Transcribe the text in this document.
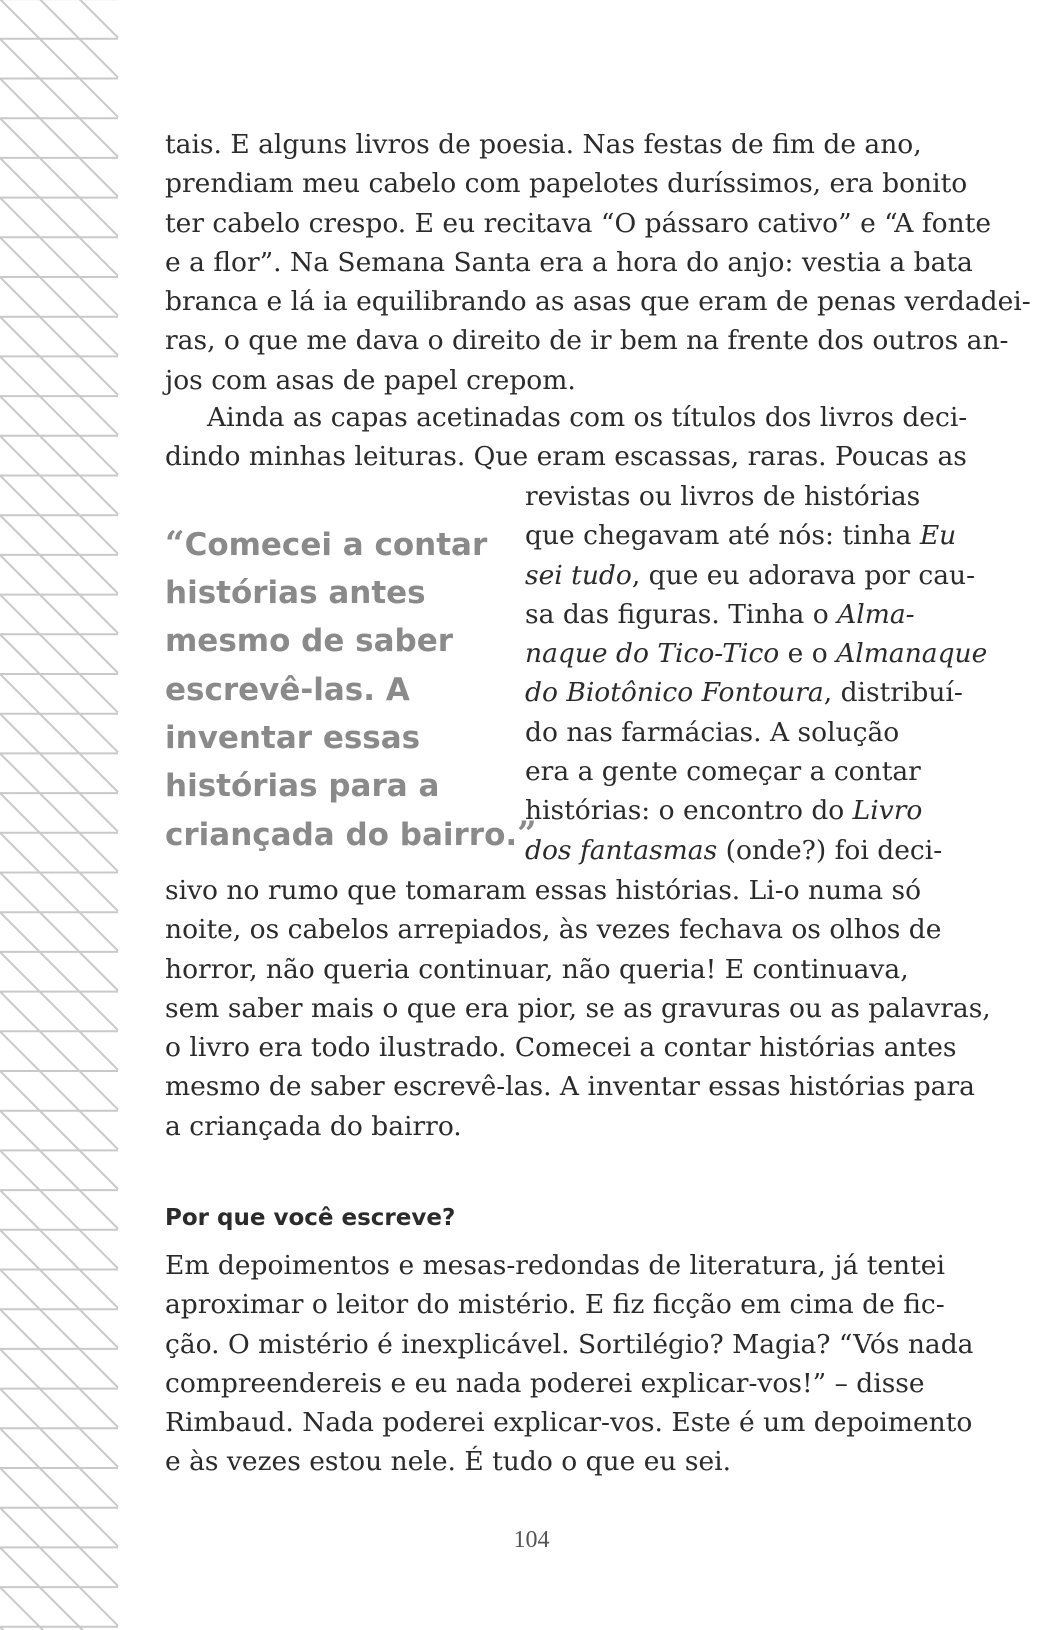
tais. E alguns livros de poesia. Nas festas de fim de ano,
prendiam meu cabelo com papelotes duríssimos, era bonito
ter cabelo crespo. E eu recitava “O pássaro cativo” e “A fonte
e a flor”. Na Semana Santa era a hora do anjo: vestia a bata
branca e lá ia equilibrando as asas que eram de penas verdadei-
ras, o que me dava o direito de ir bem na frente dos outros an-
jos com asas de papel crepom.
Ainda as capas acetinadas com os títulos dos livros deci-
dindo minhas leituras. Que eram escassas, raras. Poucas as
revistas ou livros de histórias
que chegavam até nós: tinha Eu
sei tudo, que eu adorava por cau-
sa das figuras. Tinha o Alma-
naque do Tico-Tico e o Almanaque
do Biotônico Fontoura, distribuí-
do nas farmácias. A solução
era a gente começar a contar
histórias: o encontro do Livro
dos fantasmas (onde?) foi deci-
“Comecei a contar
histórias antes
mesmo de saber
escrevê-las. A
inventar essas
histórias para a
criançada do bairro.”
sivo no rumo que tomaram essas histórias. Li-o numa só
noite, os cabelos arrepiados, às vezes fechava os olhos de
horror, não queria continuar, não queria! E continuava,
sem saber mais o que era pior, se as gravuras ou as palavras,
o livro era todo ilustrado. Comecei a contar histórias antes
mesmo de saber escrevê-las. A inventar essas histórias para
a criançada do bairro.
Por que você escreve?
Em depoimentos e mesas-redondas de literatura, já tentei
aproximar o leitor do mistério. E fiz ficção em cima de fic-
ção. O mistério é inexplicável. Sortilégio? Magia? “Vós nada
compreendereis e eu nada poderei explicar-vos!” – disse
Rimbaud. Nada poderei explicar-vos. Este é um depoimento
e às vezes estou nele. É tudo o que eu sei.
104
